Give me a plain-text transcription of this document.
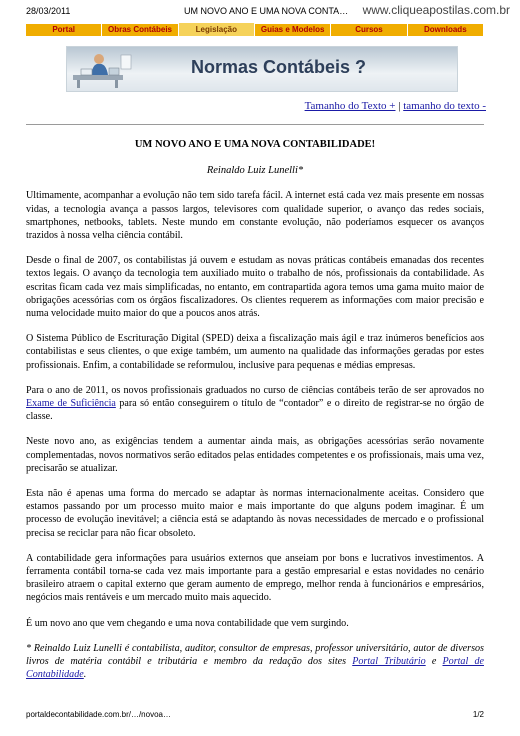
28/03/2011	UM NOVO ANO E UMA NOVA CONTA… www.cliqueapostilas.com.br
Portal	Obras Contábeis	Legislação	Guias e Modelos	Cursos	Downloads
Normas Contábeis ?
Tamanho do Texto + | tamanho do texto -
UM NOVO ANO E UMA NOVA CONTABILIDADE!
Reinaldo Luiz Lunelli*

Ultimamente, acompanhar a evolução não tem sido tarefa fácil. A internet está cada vez mais presente em nossas vidas, a tecnologia avança a passos largos, televisores com qualidade superior, o avanço das redes sociais, smartphones, netbooks, tablets. Neste mundo em constante evolução, não poderíamos esquecer os avanços trazidos à nossa velha ciência contábil.

Desde o final de 2007, os contabilistas já ouvem e estudam as novas práticas contábeis emanadas dos recentes textos legais. O avanço da tecnologia tem auxiliado muito o trabalho de nós, profissionais da contabilidade. As escritas ficam cada vez mais simplificadas, no entanto, em contrapartida agora temos uma gama muito maior de obrigações acessórias com os órgãos fiscalizadores. Os clientes requerem as informações com maior precisão e numa velocidade muito maior do que a poucos anos atrás.

O Sistema Público de Escrituração Digital (SPED) deixa a fiscalização mais ágil e traz inúmeros benefícios aos contabilistas e seus clientes, o que exige também, um aumento na qualidade das informações geradas por estes profissionais. Enfim, a contabilidade se reformulou, inclusive para pequenas e médias empresas.

Para o ano de 2011, os novos profissionais graduados no curso de ciências contábeis terão de ser aprovados no Exame de Suficiência para só então conseguirem o título de “contador” e o direito de registrar-se no órgão de classe.

Neste novo ano, as exigências tendem a aumentar ainda mais, as obrigações acessórias serão novamente complementadas, novos normativos serão editados pelas entidades competentes e os profissionais, mais uma vez, precisarão se atualizar.

Esta não é apenas uma forma do mercado se adaptar às normas internacionalmente aceitas. Considero que estamos passando por um processo muito maior e mais importante do que alguns podem imaginar. É um processo de evolução inevitável; a ciência está se adaptando às novas necessidades de mercado e o profissional precisa se reciclar para não ficar obsoleto.

A contabilidade gera informações para usuários externos que anseiam por bons e lucrativos investimentos. A ferramenta contábil torna-se cada vez mais importante para a gestão empresarial e estas novidades no cenário brasileiro atraem o capital externo que geram aumento de emprego, melhor renda à funcionários e empresários, negócios mais rentáveis e um mercado muito mais aquecido.

É um novo ano que vem chegando e uma nova contabilidade que vem surgindo.

* Reinaldo Luiz Lunelli é contabilista, auditor, consultor de empresas, professor universitário, autor de diversos livros de matéria contábil e tributária e membro da redação dos sites Portal Tributário e Portal de Contabilidade.

portaldecontabilidade.com.br/…/novoa…	1/2
